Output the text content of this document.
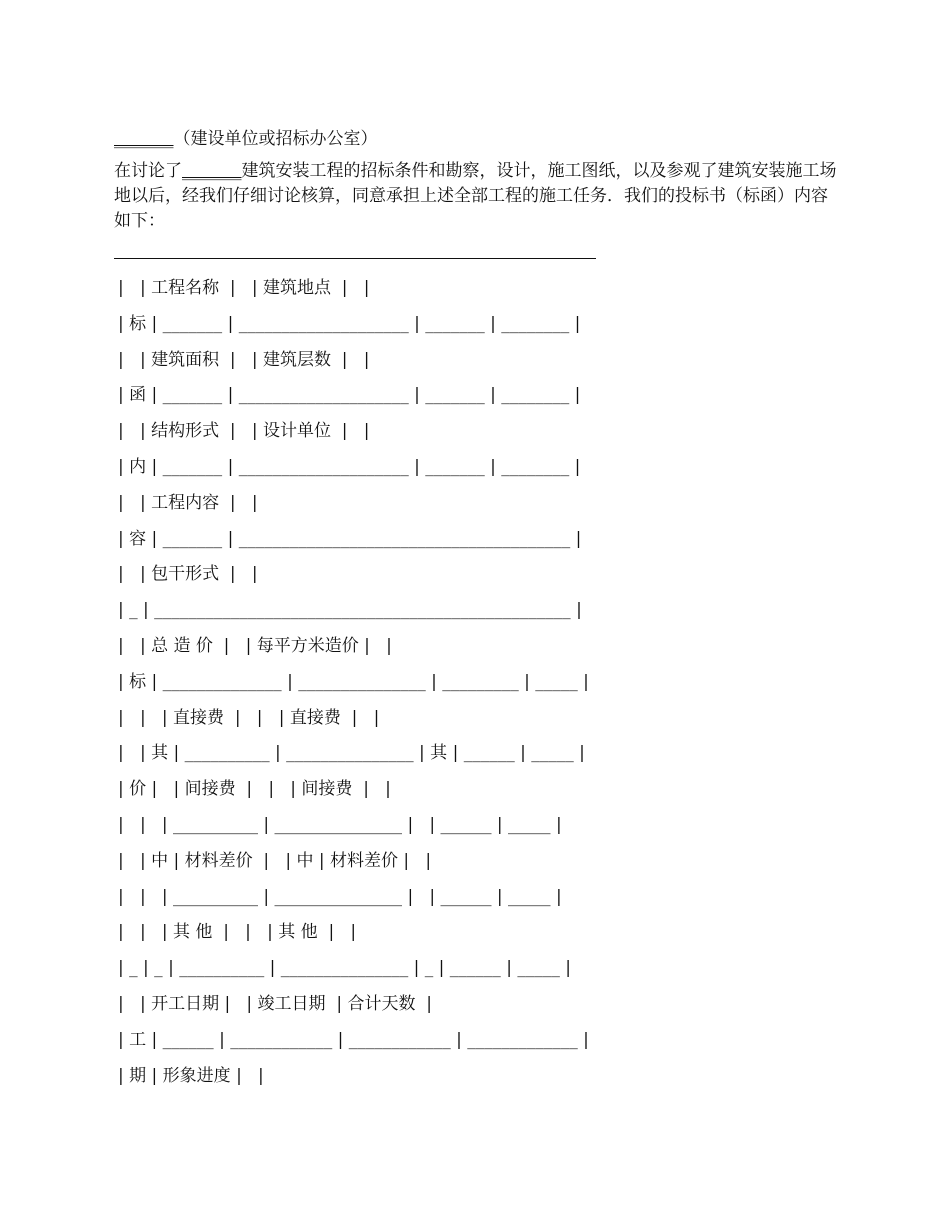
_______（建设单位或招标办公室）
在讨论了_______建筑安装工程的招标条件和勘察，设计，施工图纸，以及参观了建筑安装施工场地以后，经我们仔细讨论核算，同意承担上述全部工程的施工任务．我们的投标书（标函）内容如下：
|   | 工程名称  |   | 建筑地点  |   |
| 标 | _______ | ____________________ | _______ | ________ |
|   | 建筑面积  |   | 建筑层数  |   |
| 函 | _______ | ____________________ | _______ | ________ |
|   | 结构形式  |   | 设计单位  |   |
| 内 | _______ | ____________________ | _______ | ________ |
|   | 工程内容  |   |
| 容 | _______ | _______________________________________ |
|   | 包干形式  |   |
| _ | _________________________________________________ |
|   | 总 造 价  |   | 每平方米造价 |   |
| 标 | ______________ | _______________ | _________ | _____ |
|   |   | 直接费  |   |   | 直接费  |   |
|   | 其 | __________ | _______________ | 其 | ______ | _____ |
| 价 |   | 间接费  |   |   | 间接费  |   |
|   |   | __________ | _______________ |   | ______ | _____ |
|   | 中 | 材料差价  |   | 中 | 材料差价 |   |
|   |   | __________ | _______________ |   | ______ | _____ |
|   |   | 其 他  |   |   | 其 他  |   |
| _ | _ | __________ | _______________ | _ | ______ | _____ |
|   | 开工日期 |   | 竣工日期  | 合计天数  |
| 工 | ______ | ____________ | ____________ | _____________ |
| 期 | 形象进度 |   |
